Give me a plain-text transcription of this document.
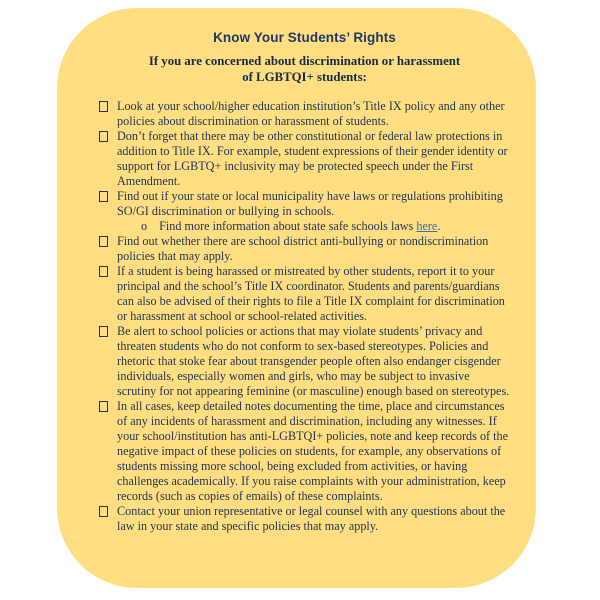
Know Your Students’ Rights
If you are concerned about discrimination or harassment
of LGBTQI+ students:
Look at your school/higher education institution’s Title IX policy and any other policies about discrimination or harassment of students.
Don’t forget that there may be other constitutional or federal law protections in addition to Title IX. For example, student expressions of their gender identity or support for LGBTQ+ inclusivity may be protected speech under the First Amendment.
Find out if your state or local municipality have laws or regulations prohibiting SO/GI discrimination or bullying in schools.
o Find more information about state safe schools laws here.
Find out whether there are school district anti-bullying or nondiscrimination policies that may apply.
If a student is being harassed or mistreated by other students, report it to your principal and the school’s Title IX coordinator. Students and parents/guardians can also be advised of their rights to file a Title IX complaint for discrimination or harassment at school or school-related activities.
Be alert to school policies or actions that may violate students’ privacy and threaten students who do not conform to sex-based stereotypes. Policies and rhetoric that stoke fear about transgender people often also endanger cisgender individuals, especially women and girls, who may be subject to invasive scrutiny for not appearing feminine (or masculine) enough based on stereotypes.
In all cases, keep detailed notes documenting the time, place and circumstances of any incidents of harassment and discrimination, including any witnesses. If your school/institution has anti-LGBTQI+ policies, note and keep records of the negative impact of these policies on students, for example, any observations of students missing more school, being excluded from activities, or having challenges academically. If you raise complaints with your administration, keep records (such as copies of emails) of these complaints.
Contact your union representative or legal counsel with any questions about the law in your state and specific policies that may apply.
